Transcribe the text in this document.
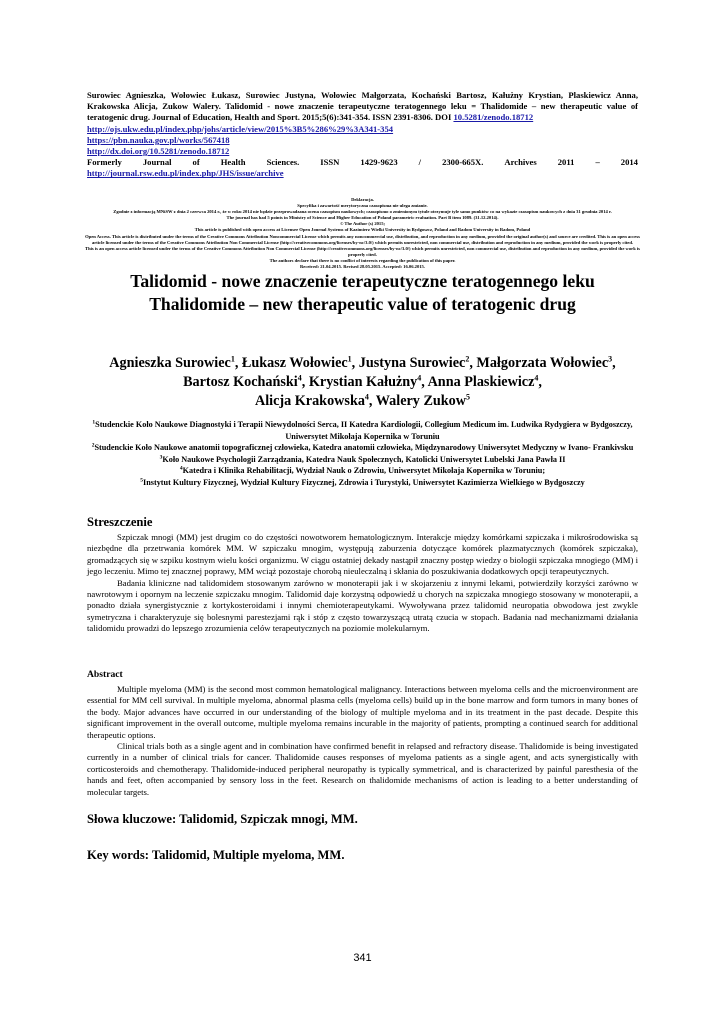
Surowiec Agnieszka, Wołowiec Łukasz, Surowiec Justyna, Wołowiec Małgorzata, Kochański Bartosz, Kałużny Krystian, Plaskiewicz Anna, Krakowska Alicja, Zukow Walery. Talidomid - nowe znaczenie terapeutyczne teratogennego leku = Thalidomide – new therapeutic value of teratogenic drug. Journal of Education, Health and Sport. 2015;5(6):341-354. ISSN 2391-8306. DOI 10.5281/zenodo.18712

http://ojs.ukw.edu.pl/index.php/johs/article/view/2015%3B5%286%29%3A341-354

https://pbn.nauka.gov.pl/works/567418

http://dx.doi.org/10.5281/zenodo.18712

Formerly Journal of Health Sciences. ISSN 1429-9623 / 2300-665X. Archives 2011 – 2014

http://journal.rsw.edu.pl/index.php/JHS/issue/archive

Deklaracja.

Specyfika i zawartość merytoryczna czasopisma nie ulega zmianie.

Zgodnie z informacją MNiSW z dnia 2 czerwca 2014 r., że w roku 2014 nie będzie przeprowadzana ocena czasopism naukowych; czasopismo o zmienionym tytule otrzymuje tyle samo punktów co na wykazie czasopism naukowych z dnia 31 grudnia 2014 r.

The journal has had 5 points in Ministry of Science and Higher Education of Poland parametric evaluation. Part B item 1089. (31.12.2014).

© The Author (s) 2015;

This article is published with open access at Licensee Open Journal Systems of Kazimierz Wielki University in Bydgoszcz, Poland and Radom University in Radom, Poland

Open Access. This article is distributed under the terms of the Creative Commons Attribution Noncommercial License which permits any noncommercial use, distribution, and reproduction in any medium, provided the original author(s) and source are credited. This is an open access article licensed under the terms of the Creative Commons Attribution Non Commercial License (http://creativecommons.org/licenses/by-nc/3.0/) which permits unrestricted, non commercial use, distribution and reproduction in any medium, provided the work is properly cited.

This is an open access article licensed under the terms of the Creative Commons Attribution Non Commercial License (http://creativecommons.org/licenses/by-nc/3.0/) which permits unrestricted, non commercial use, distribution and reproduction in any medium, provided the work is properly cited.

The authors declare that there is no conflict of interests regarding the publication of this paper.

Received: 21.04.2015. Revised 28.05.2015. Accepted: 16.06.2015.

Talidomid - nowe znaczenie terapeutyczne teratogennego leku

Thalidomide – new therapeutic value of teratogenic drug

Agnieszka Surowiec$^1$, Łukasz Wołowiec$^1$, Justyna Surowiec$^2$, Małgorzata Wołowiec$^3$,

Bartosz Kochański$^4$, Krystian Kałużny$^4$, Anna Plaskiewicz$^4$,

Alicja Krakowska$^4$, Walery Zukow$^5$

$^1$Studenckie Koło Naukowe Diagnostyki i Terapii Niewydolności Serca, II Katedra Kardiologii, Collegium Medicum im. Ludwika Rydygiera w Bydgoszczy, Uniwersytet Mikołaja Kopernika w Toruniu

$^2$Studenckie Koło Naukowe anatomii topograficznej człowieka, Katedra anatomii człowieka, Międzynarodowy Uniwersytet Medyczny w Ivano- Frankivsku

$^3$Koło Naukowe Psychologii Zarządzania, Katedra Nauk Społecznych, Katolicki Uniwersytet Lubelski Jana Pawła II

$^4$Katedra i Klinika Rehabilitacji, Wydział Nauk o Zdrowiu, Uniwersytet Mikołaja Kopernika w Toruniu;

$^5$Instytut Kultury Fizycznej, Wydział Kultury Fizycznej, Zdrowia i Turystyki, Uniwersytet Kazimierza Wielkiego w Bydgoszczy

Streszczenie

Szpiczak mnogi (MM) jest drugim co do częstości nowotworem hematologicznym. Interakcje między komórkami szpiczaka i mikrośrodowiska są niezbędne dla przetrwania komórek MM. W szpiczaku mnogim, występują zaburzenia dotyczące komórek plazmatycznych (komórek szpiczaka), gromadzących się w szpiku kostnym wielu kości organizmu. W ciągu ostatniej dekady nastąpił znaczny postęp wiedzy o biologii szpiczaka mnogiego (MM) i jego leczeniu. Mimo tej znacznej poprawy, MM wciąż pozostaje chorobą nieuleczalną i skłania do poszukiwania dodatkowych opcji terapeutycznych.

Badania kliniczne nad talidomidem stosowanym zarówno w monoterapii jak i w skojarzeniu z innymi lekami, potwierdziły korzyści zarówno w nawrotowym i opornym na leczenie szpiczaku mnogim. Talidomid daje korzystną odpowiedź u chorych na szpiczaka mnogiego stosowany w monoterapii, a ponadto działa synergistycznie z kortykosteroidami i innymi chemioterapeutykami. Wywoływana przez talidomid neuropatia obwodowa jest zwykle symetryczna i charakteryzuje się bolesnymi parestezjami rąk i stóp z często towarzyszącą utratą czucia w stopach. Badania nad mechanizmami działania talidomidu prowadzi do lepszego zrozumienia celów terapeutycznych na poziomie molekularnym.

Abstract

Multiple myeloma (MM) is the second most common hematological malignancy. Interactions between myeloma cells and the microenvironment are essential for MM cell survival. In multiple myeloma, abnormal plasma cells (myeloma cells) build up in the bone marrow and form tumors in many bones of the body. Major advances have occurred in our understanding of the biology of multiple myeloma and in its treatment in the past decade. Despite this significant improvement in the overall outcome, multiple myeloma remains incurable in the majority of patients, prompting a continued search for additional therapeutic options.

Clinical trials both as a single agent and in combination have confirmed benefit in relapsed and refractory disease. Thalidomide is being investigated currently in a number of clinical trials for cancer. Thalidomide causes responses of myeloma patients as a single agent, and acts synergistically with corticosteroids and chemotherapy. Thalidomide-induced peripheral neuropathy is typically symmetrical, and is characterized by painful paresthesia of the hands and feet, often accompanied by sensory loss in the feet. Research on thalidomide mechanisms of action is leading to a better understanding of molecular targets.

Słowa kluczowe: Talidomid, Szpiczak mnogi, MM.

Key words: Talidomid, Multiple myeloma, MM.

341
